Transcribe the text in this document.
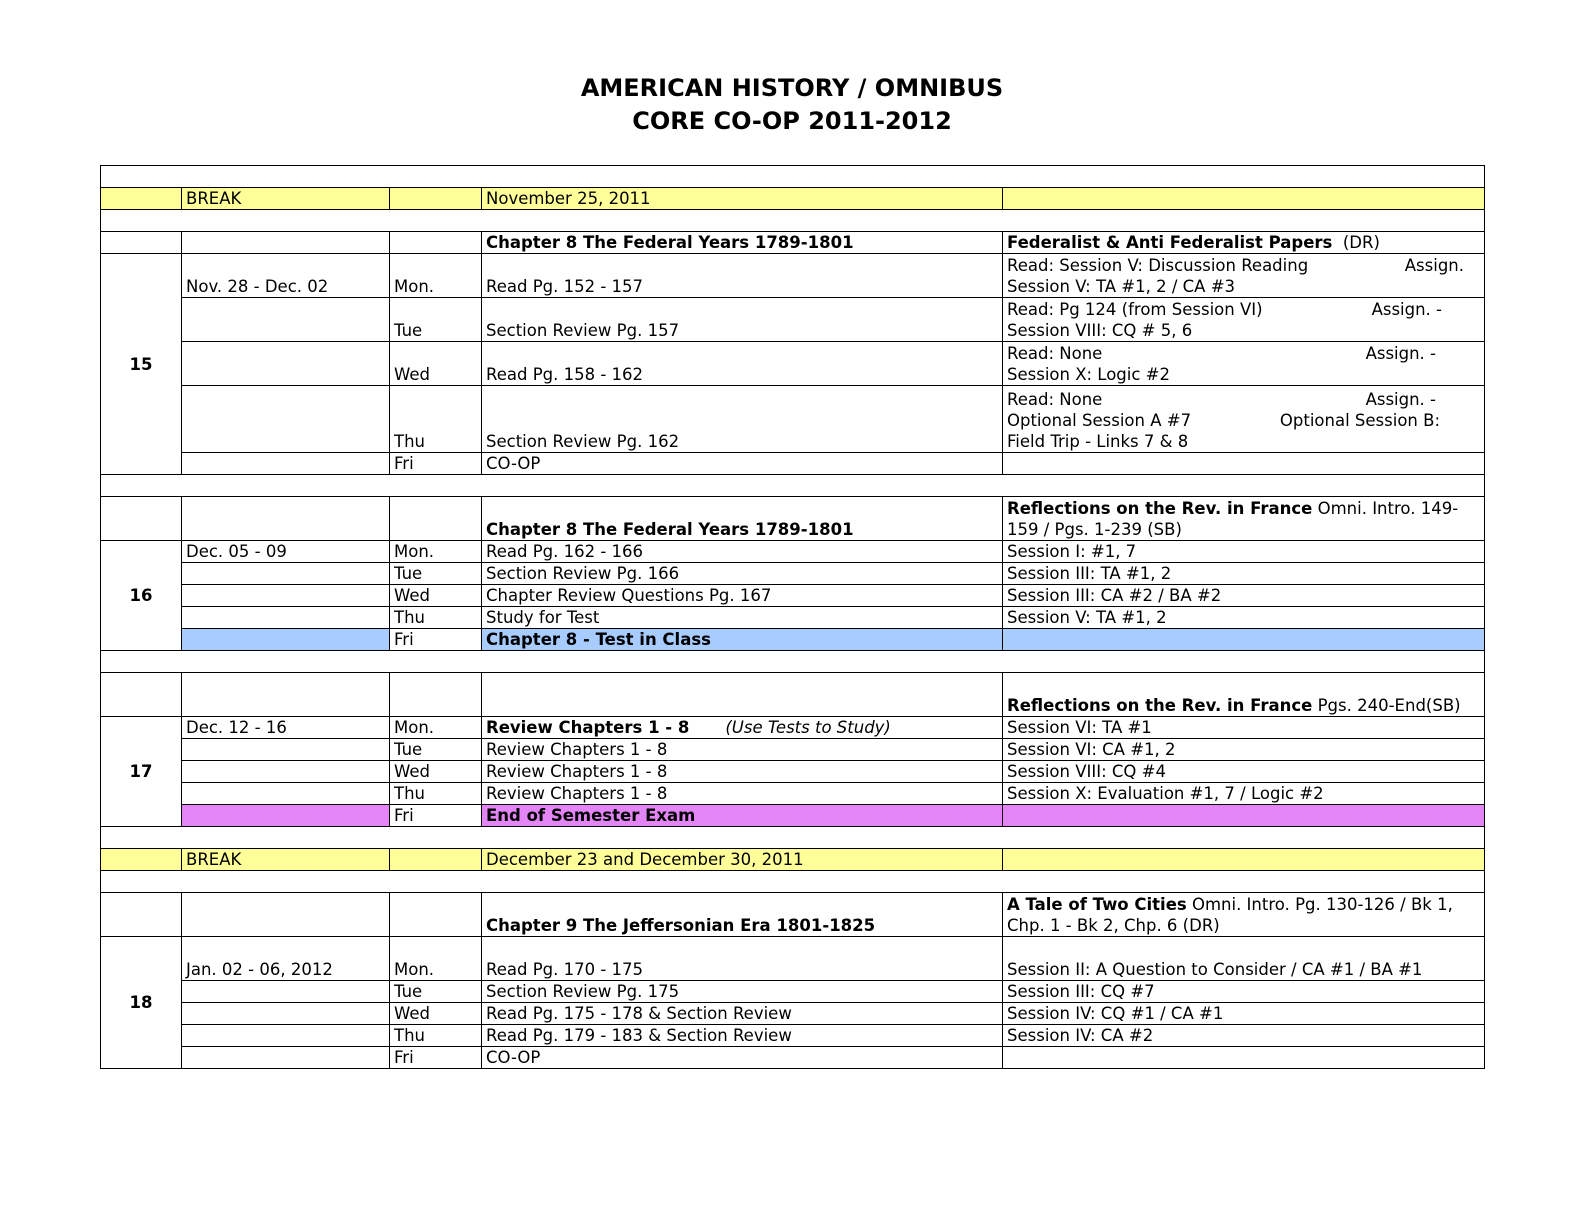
AMERICAN HISTORY / OMNIBUS
CORE CO-OP 2011-2012

	BREAK		November 25, 2011	

			Chapter 8 The Federal Years 1789-1801	Federalist & Anti Federalist Papers (DR)
15	Nov. 28 - Dec. 02	Mon.	Read Pg. 152 - 157	Read: Session V: Discussion Reading Assign.
Session V: TA #1, 2 / CA #3

		Tue	Section Review Pg. 157	Read: Pg 124 (from Session VI) Assign. -
Session VIII: CQ # 5, 6

		Wed	Read Pg. 158 - 162	Read: None Assign. -
Session X: Logic #2

		Thu	Section Review Pg. 162	Read: None Assign. -
Optional Session A #7 Optional Session B:
Field Trip - Links 7 & 8

		Fri	CO-OP	

			Chapter 8 The Federal Years 1789-1801	Reflections on the Rev. in France Omni. Intro. 149-159 / Pgs. 1-239 (SB)
16	Dec. 05 - 09	Mon.	Read Pg. 162 - 166	Session I: #1, 7
		Tue	Section Review Pg. 166	Session III: TA #1, 2
		Wed	Chapter Review Questions Pg. 167	Session III: CA #2 / BA #2
		Thu	Study for Test	Session V: TA #1, 2
		Fri	Chapter 8 - Test in Class	

				Reflections on the Rev. in France Pgs. 240-End(SB)
17	Dec. 12 - 16	Mon.	Review Chapters 1 - 8 (Use Tests to Study)	Session VI: TA #1
		Tue	Review Chapters 1 - 8	Session VI: CA #1, 2
		Wed	Review Chapters 1 - 8	Session VIII: CQ #4
		Thu	Review Chapters 1 - 8	Session X: Evaluation #1, 7 / Logic #2
		Fri	End of Semester Exam	

	BREAK		December 23 and December 30, 2011	

			Chapter 9 The Jeffersonian Era 1801-1825	A Tale of Two Cities Omni. Intro. Pg. 130-126 / Bk 1, Chp. 1 - Bk 2, Chp. 6 (DR)
18	Jan. 02 - 06, 2012	Mon.	Read Pg. 170 - 175	Session II: A Question to Consider / CA #1 / BA #1
		Tue	Section Review Pg. 175	Session III: CQ #7
		Wed	Read Pg. 175 - 178 & Section Review	Session IV: CQ #1 / CA #1
		Thu	Read Pg. 179 - 183 & Section Review	Session IV: CA #2
		Fri	CO-OP	
